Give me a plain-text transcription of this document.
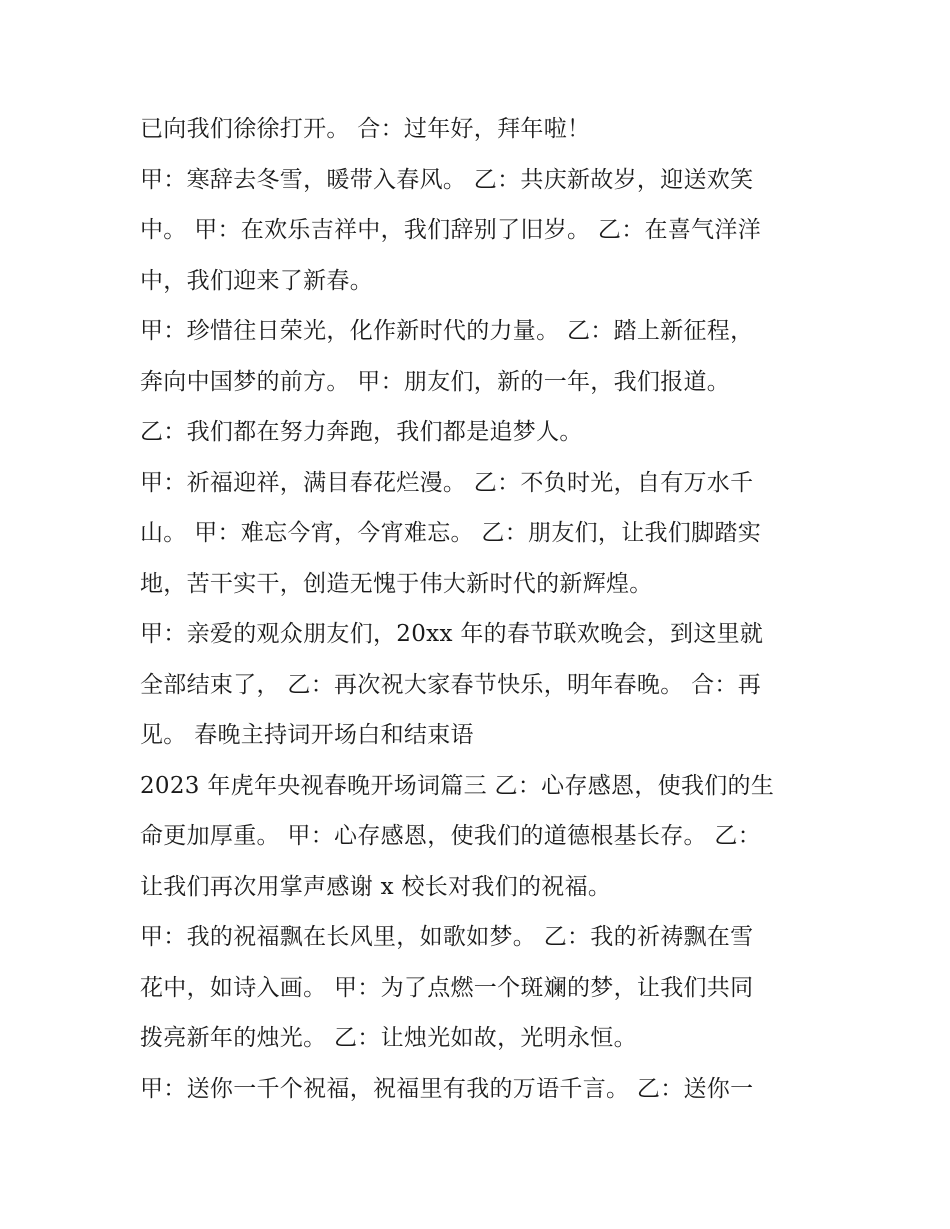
已向我们徐徐打开。 合：过年好，拜年啦！
甲：寒辞去冬雪，暖带入春风。 乙：共庆新故岁，迎送欢笑
中。 甲：在欢乐吉祥中，我们辞别了旧岁。 乙：在喜气洋洋
中，我们迎来了新春。
甲：珍惜往日荣光，化作新时代的力量。 乙：踏上新征程，
奔向中国梦的前方。 甲：朋友们，新的一年，我们报道。
乙：我们都在努力奔跑，我们都是追梦人。
甲：祈福迎祥，满目春花烂漫。 乙：不负时光，自有万水千
山。 甲：难忘今宵，今宵难忘。 乙：朋友们，让我们脚踏实
地，苦干实干，创造无愧于伟大新时代的新辉煌。
甲：亲爱的观众朋友们，20xx 年的春节联欢晚会，到这里就
全部结束了， 乙：再次祝大家春节快乐，明年春晚。 合：再
见。 春晚主持词开场白和结束语
2023 年虎年央视春晚开场词篇三 乙：心存感恩，使我们的生
命更加厚重。 甲：心存感恩，使我们的道德根基长存。 乙：
让我们再次用掌声感谢 x 校长对我们的祝福。
甲：我的祝福飘在长风里，如歌如梦。 乙：我的祈祷飘在雪
花中，如诗入画。 甲：为了点燃一个斑斓的梦，让我们共同
拨亮新年的烛光。 乙：让烛光如故，光明永恒。
甲：送你一千个祝福，祝福里有我的万语千言。 乙：送你一
